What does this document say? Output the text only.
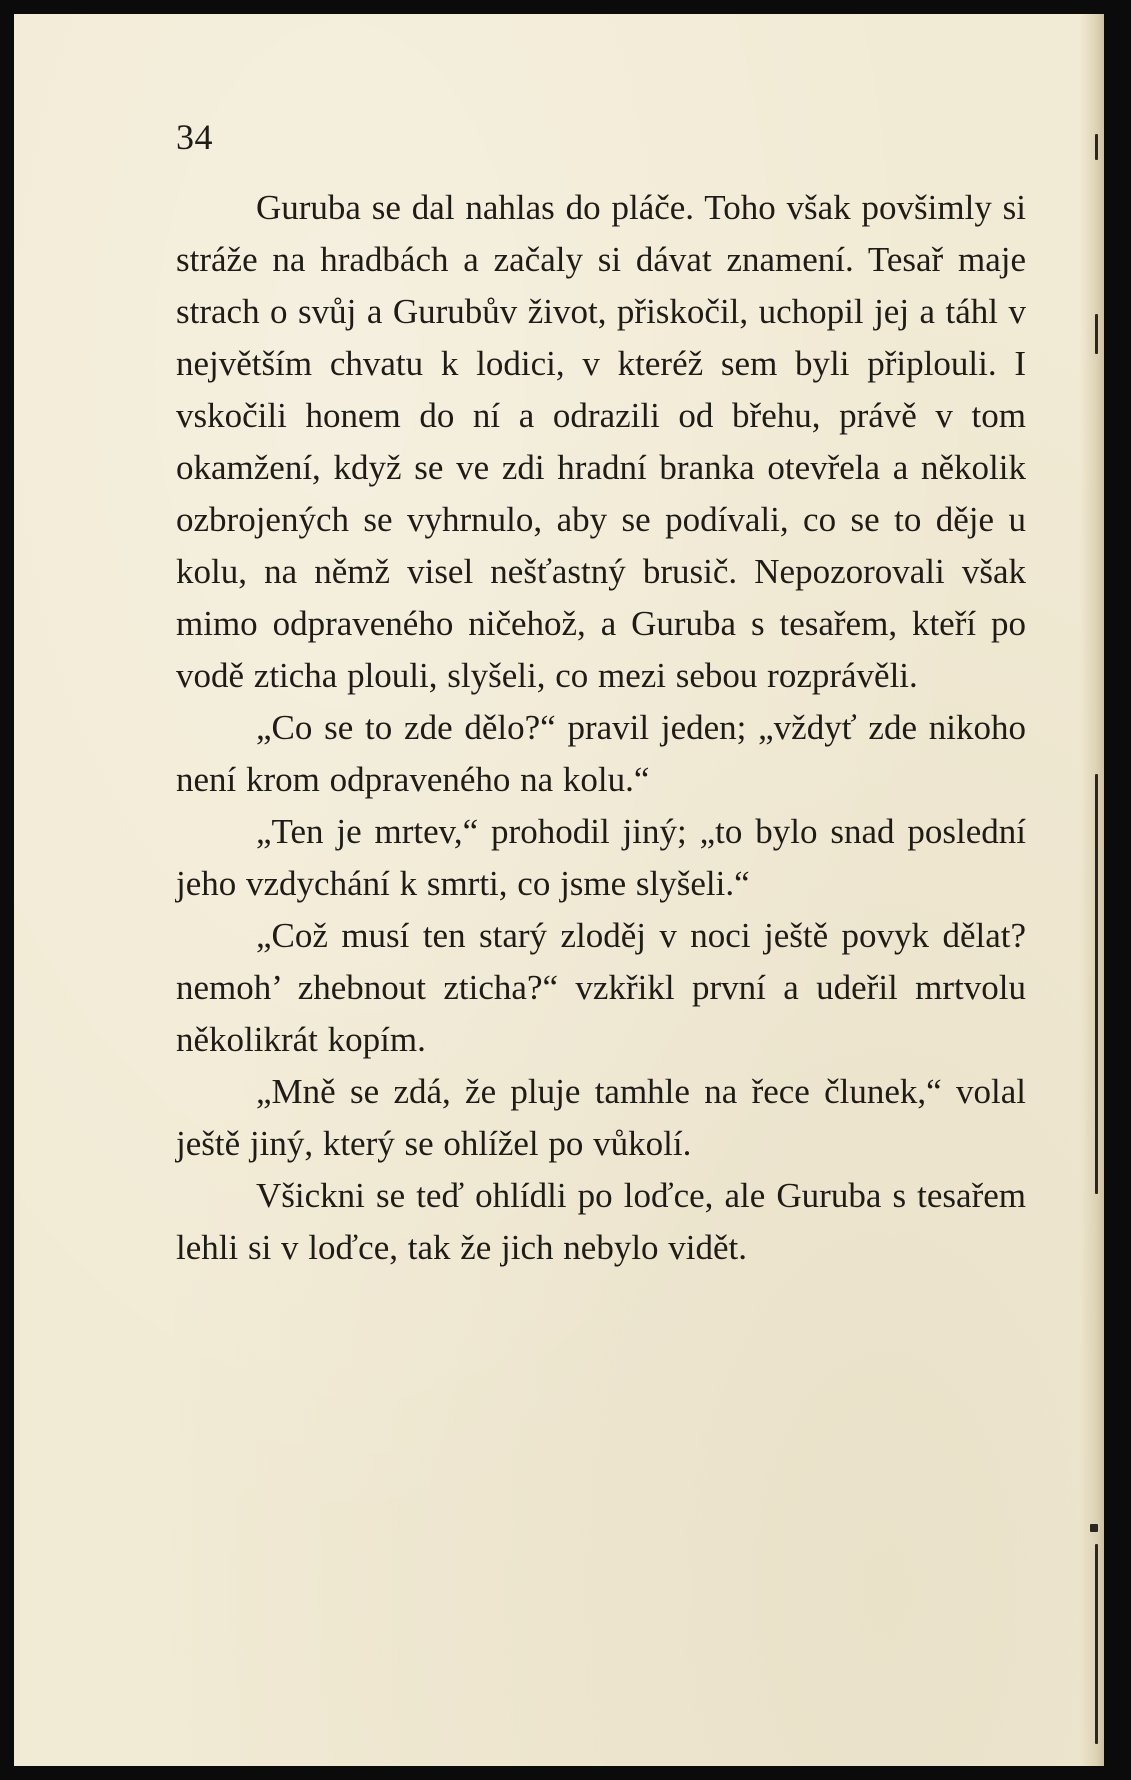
34

Guruba se dal nahlas do pláče. Toho však povšimly si stráže na hradbách a začaly si dávat znamení. Tesař maje strach o svůj a Gurubův život, přiskočil, uchopil jej a táhl v největším chvatu k lodici, v kteréž sem byli připlouli. I vskočili honem do ní a odrazili od břehu, právě v tom okamžení, když se ve zdi hradní branka otevřela a několik ozbrojených se vyhrnulo, aby se podívali, co se to děje u kolu, na němž visel nešťastný brusič. Nepozorovali však mimo odpraveného ničehož, a Guruba s tesařem, kteří po vodě zticha plouli, slyšeli, co mezi sebou rozprávěli.

„Co se to zde dělo?“ pravil jeden; „vždyť zde nikoho není krom odpraveného na kolu.“

„Ten je mrtev,“ prohodil jiný; „to bylo snad poslední jeho vzdychání k smrti, co jsme slyšeli.“

„Což musí ten starý zloděj v noci ještě povyk dělat? nemoh’ zhebnout zticha?“ vzkřikl první a udeřil mrtvolu několikrát kopím.

„Mně se zdá, že pluje tamhle na řece člunek,“ volal ještě jiný, který se ohlížel po vůkolí.

Všickni se teď ohlídli po loďce, ale Guruba s tesařem lehli si v loďce, tak že jich nebylo vidět.
